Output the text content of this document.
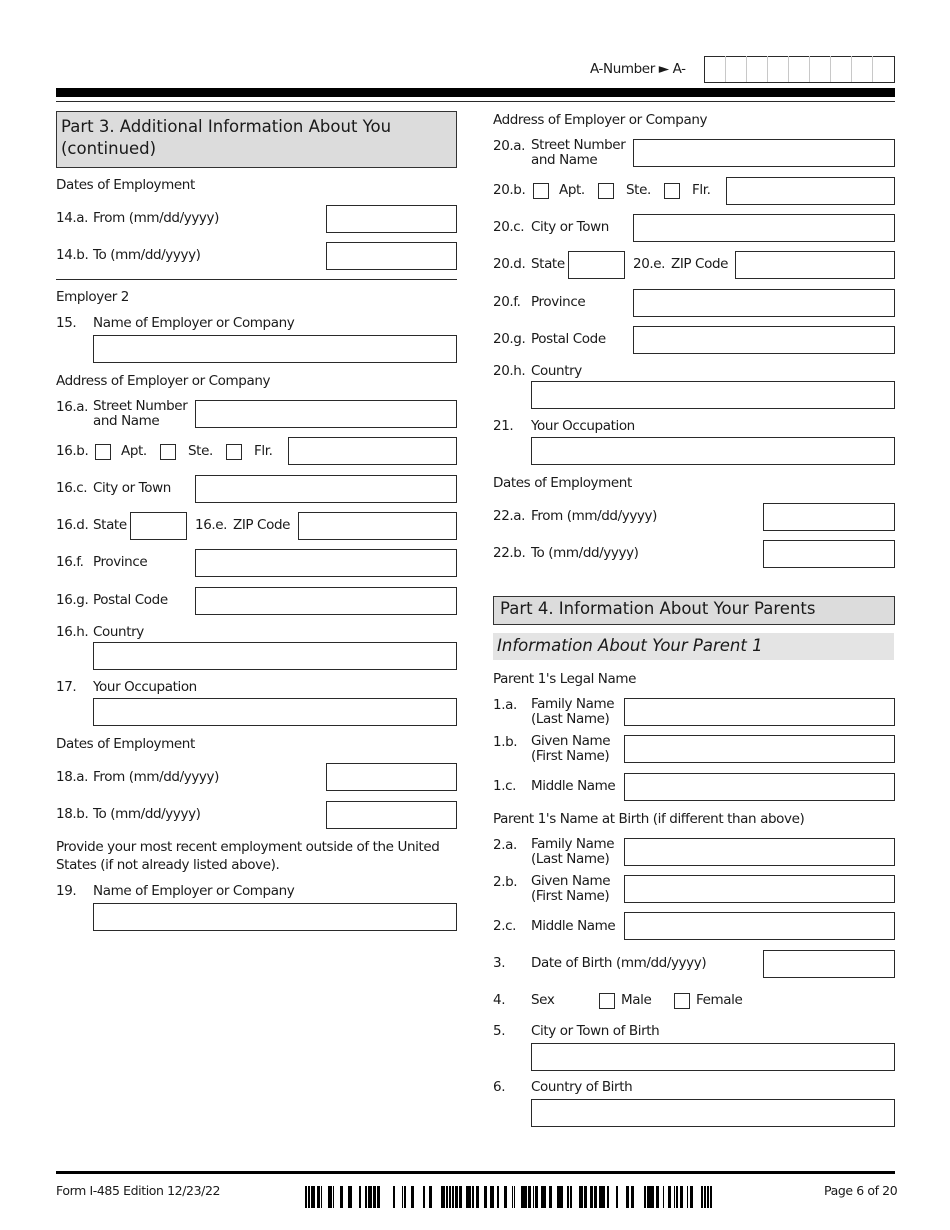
A-Number ► A-
Part 3. Additional Information About You
(continued)
Dates of Employment
14.a. From (mm/dd/yyyy)
14.b. To (mm/dd/yyyy)
Employer 2
15. Name of Employer or Company
Address of Employer or Company
16.a. Street Number
and Name
16.b. Apt.	Ste.	Flr.
16.c. City or Town
16.d. State	16.e. ZIP Code
16.f. Province
16.g. Postal Code
16.h. Country
17. Your Occupation
Dates of Employment
18.a. From (mm/dd/yyyy)
18.b. To (mm/dd/yyyy)
Provide your most recent employment outside of the United
States (if not already listed above).
19. Name of Employer or Company
Address of Employer or Company
20.a. Street Number
and Name
20.b. Apt.	Ste.	Flr.
20.c. City or Town
20.d. State	20.e. ZIP Code
20.f. Province
20.g. Postal Code
20.h. Country
21. Your Occupation
Dates of Employment
22.a. From (mm/dd/yyyy)
22.b. To (mm/dd/yyyy)
Part 4. Information About Your Parents
Information About Your Parent 1
Parent 1's Legal Name
1.a. Family Name
(Last Name)
1.b. Given Name
(First Name)
1.c. Middle Name
Parent 1's Name at Birth (if different than above)
2.a. Family Name
(Last Name)
2.b. Given Name
(First Name)
2.c. Middle Name
3. Date of Birth (mm/dd/yyyy)
4. Sex	Male	Female
5. City or Town of Birth
6. Country of Birth
Form I-485 Edition 12/23/22	Page 6 of 20
